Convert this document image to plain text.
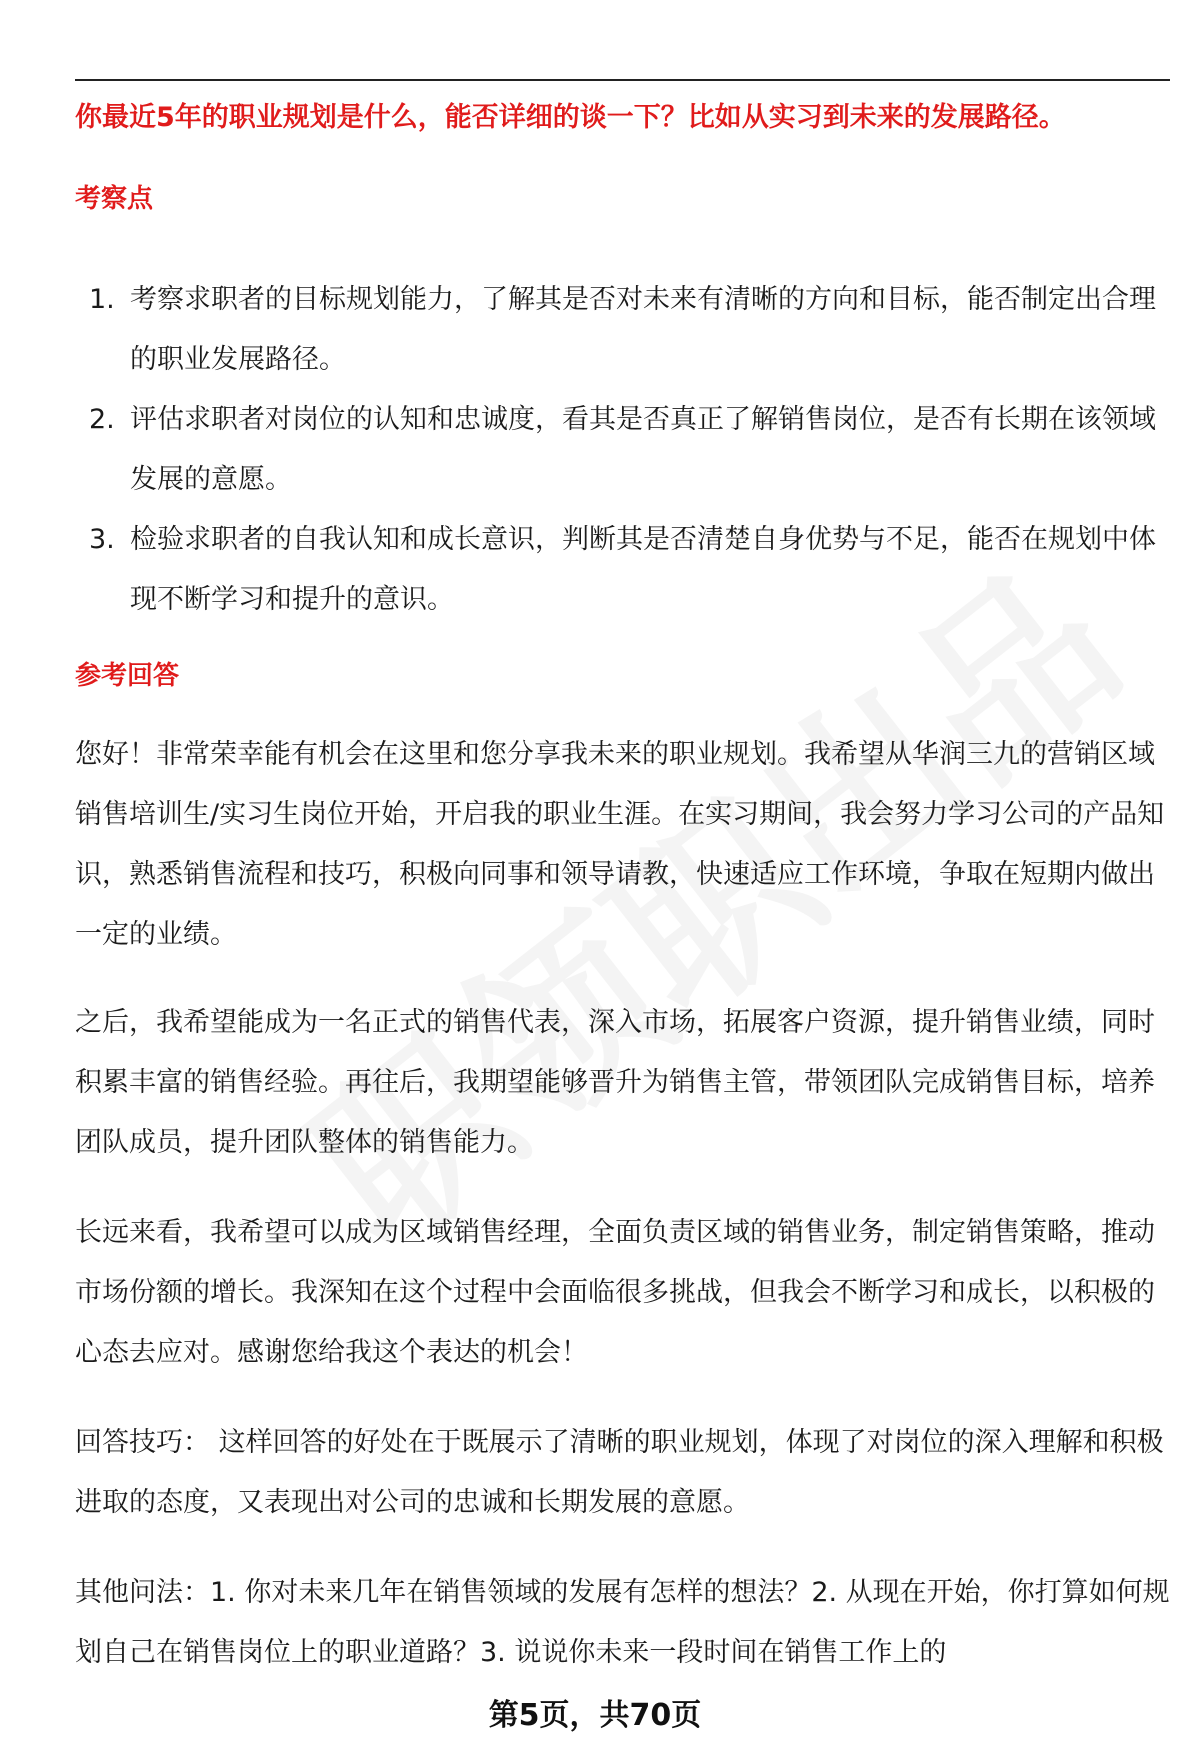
你最近5年的职业规划是什么，能否详细的谈一下？比如从实习到未来的发展路径。

考察点
1. 考察求职者的目标规划能力，了解其是否对未来有清晰的方向和目标，能否制定出合理的职业发展路径。
2. 评估求职者对岗位的认知和忠诚度，看其是否真正了解销售岗位，是否有长期在该领域发展的意愿。
3. 检验求职者的自我认知和成长意识，判断其是否清楚自身优势与不足，能否在规划中体现不断学习和提升的意识。
参考回答

您好！非常荣幸能有机会在这里和您分享我未来的职业规划。我希望从华润三九的营销区域销售培训生/实习生岗位开始，开启我的职业生涯。在实习期间，我会努力学习公司的产品知识，熟悉销售流程和技巧，积极向同事和领导请教，快速适应工作环境，争取在短期内做出一定的业绩。

之后，我希望能成为一名正式的销售代表，深入市场，拓展客户资源，提升销售业绩，同时积累丰富的销售经验。再往后，我期望能够晋升为销售主管，带领团队完成销售目标，培养团队成员，提升团队整体的销售能力。

长远来看，我希望可以成为区域销售经理，全面负责区域的销售业务，制定销售策略，推动市场份额的增长。我深知在这个过程中会面临很多挑战，但我会不断学习和成长，以积极的心态去应对。感谢您给我这个表达的机会！

回答技巧： 这样回答的好处在于既展示了清晰的职业规划，体现了对岗位的深入理解和积极进取的态度，又表现出对公司的忠诚和长期发展的意愿。

其他问法：1. 你对未来几年在销售领域的发展有怎样的想法？2. 从现在开始，你打算如何规划自己在销售岗位上的职业道路？3. 说说你未来一段时间在销售工作上的

第5页，共70页
